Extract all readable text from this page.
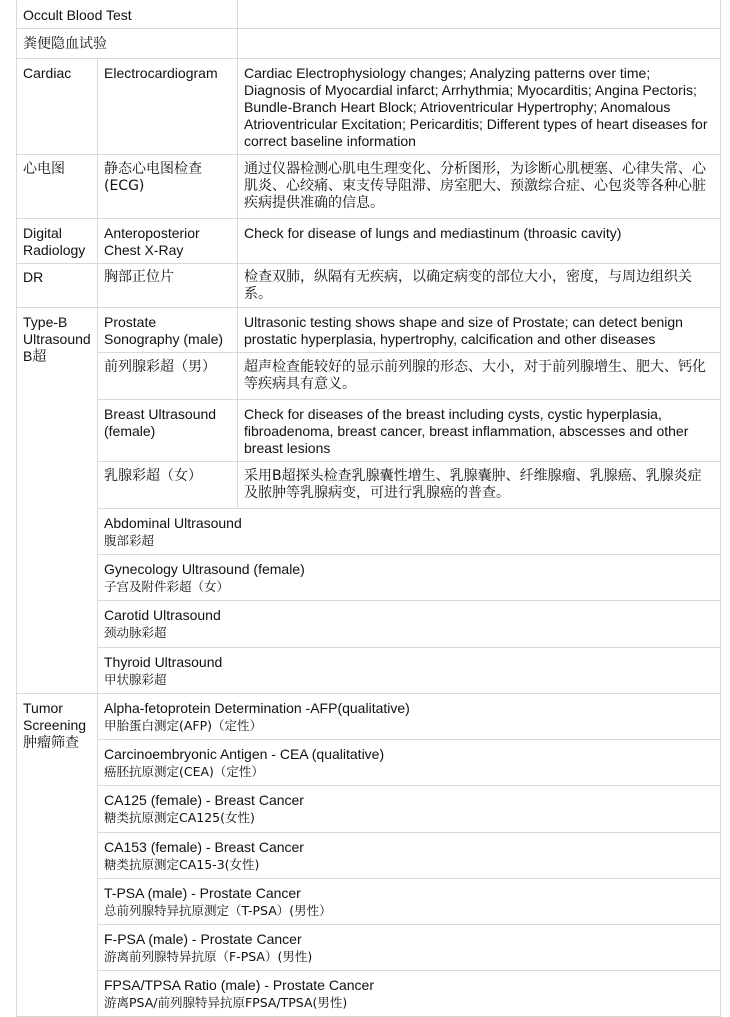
Occult Blood Test		
粪便隐血试验		
Cardiac	Electrocardiogram	Cardiac Electrophysiology changes; Analyzing patterns over time; Diagnosis of Myocardial infarct; Arrhythmia; Myocarditis; Angina Pectoris; Bundle-Branch Heart Block; Atrioventricular Hypertrophy; Anomalous Atrioventricular Excitation; Pericarditis; Different types of heart diseases for correct baseline information
心电图	静态心电图检查(ECG)	通过仪器检测心肌电生理变化、分析图形，为诊断心肌梗塞、心律失常、心肌炎、心绞痛、束支传导阻滞、房室肥大、预激综合症、心包炎等各种心脏疾病提供准确的信息。
Digital Radiology	Anteroposterior Chest X-Ray	Check for disease of lungs and mediastinum (throasic cavity)
DR	胸部正位片	检查双肺，纵隔有无疾病，以确定病变的部位大小，密度，与周边组织关系。

Type-B
Ultrasound
B超	Prostate Sonography (male)	Ultrasonic testing shows shape and size of Prostate; can detect benign prostatic hyperplasia, hypertrophy, calcification and other diseases
	前列腺彩超（男）	超声检查能较好的显示前列腺的形态、大小，对于前列腺增生、肥大、钙化等疾病具有意义。
	Breast Ultrasound (female)	Check for diseases of the breast including cysts, cystic hyperplasia, fibroadenoma, breast cancer, breast inflammation, abscesses and other breast lesions
	乳腺彩超（女）	采用B超探头检查乳腺囊性增生、乳腺囊肿、纤维腺瘤、乳腺癌、乳腺炎症及脓肿等乳腺病变，可进行乳腺癌的普查。

	Abdominal Ultrasound
腹部彩超	

	Gynecology Ultrasound (female)
子宫及附件彩超（女）	

	Carotid Ultrasound
颈动脉彩超	

	Thyroid Ultrasound
甲状腺彩超	

Tumor
Screening
肿瘤筛查	Alpha-fetoprotein Determination -AFP(qualitative)
甲胎蛋白测定(AFP)（定性）	

	Carcinoembryonic Antigen - CEA (qualitative)
癌胚抗原测定(CEA)（定性）	

	CA125 (female) - Breast Cancer
糖类抗原测定CA125(女性)	

	CA153 (female) - Breast Cancer
糖类抗原测定CA15-3(女性)	

	T-PSA (male) - Prostate Cancer
总前列腺特异抗原测定（T-PSA）(男性）	

	F-PSA (male) - Prostate Cancer
游离前列腺特异抗原（F-PSA）(男性)	

	FPSA/TPSA Ratio (male) - Prostate Cancer
游离PSA/前列腺特异抗原FPSA/TPSA(男性)	
